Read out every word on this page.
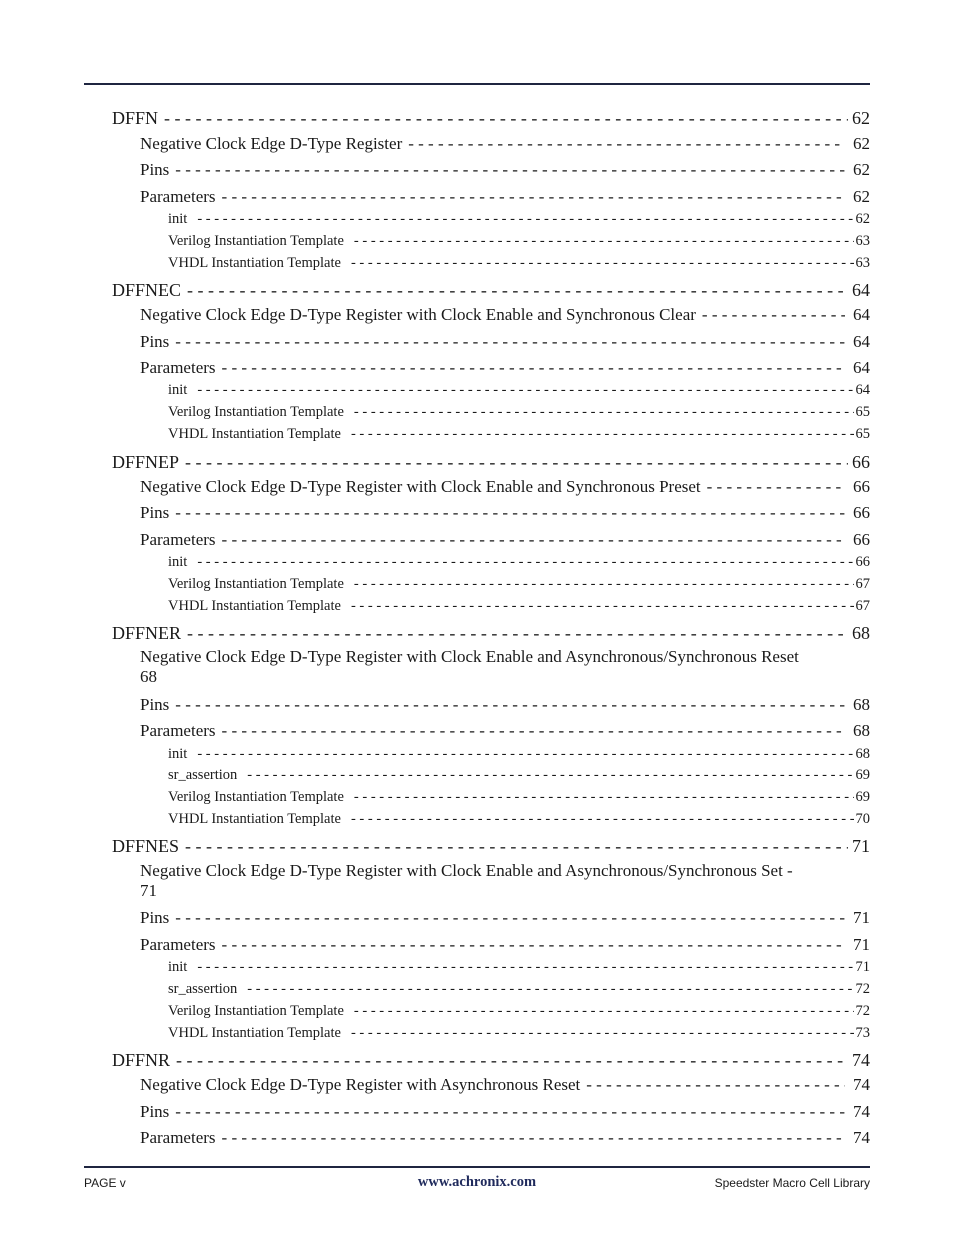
DFFN - - -	62
Negative Clock Edge D-Type Register - - -	62
Pins - - -	62
Parameters - - -	62
init - - -	62
Verilog Instantiation Template - - -	63
VHDL Instantiation Template - - -	63
DFFNEC - - -	64
Negative Clock Edge D-Type Register with Clock Enable and Synchronous Clear - - -	64
Pins - - -	64
Parameters - - -	64
init - - -	64
Verilog Instantiation Template - - -	65
VHDL Instantiation Template - - -	65
DFFNEP - - -	66
Negative Clock Edge D-Type Register with Clock Enable and Synchronous Preset - - -	66
Pins - - -	66
Parameters - - -	66
init - - -	66
Verilog Instantiation Template - - -	67
VHDL Instantiation Template - - -	67
DFFNER - - -	68
Negative Clock Edge D-Type Register with Clock Enable and Asynchronous/Synchronous Reset
68
Pins - - -	68
Parameters - - -	68
init - - -	68
sr_assertion - - -	69
Verilog Instantiation Template - - -	69
VHDL Instantiation Template - - -	70
DFFNES - - -	71
Negative Clock Edge D-Type Register with Clock Enable and Asynchronous/Synchronous Set -
71
Pins - - -	71
Parameters - - -	71
init - - -	71
sr_assertion - - -	72
Verilog Instantiation Template - - -	72
VHDL Instantiation Template - - -	73
DFFNR - - -	74
Negative Clock Edge D-Type Register with Asynchronous Reset - - -	74
Pins - - -	74
Parameters - - -	74
PAGE v	www.achronix.com	Speedster Macro Cell Library
